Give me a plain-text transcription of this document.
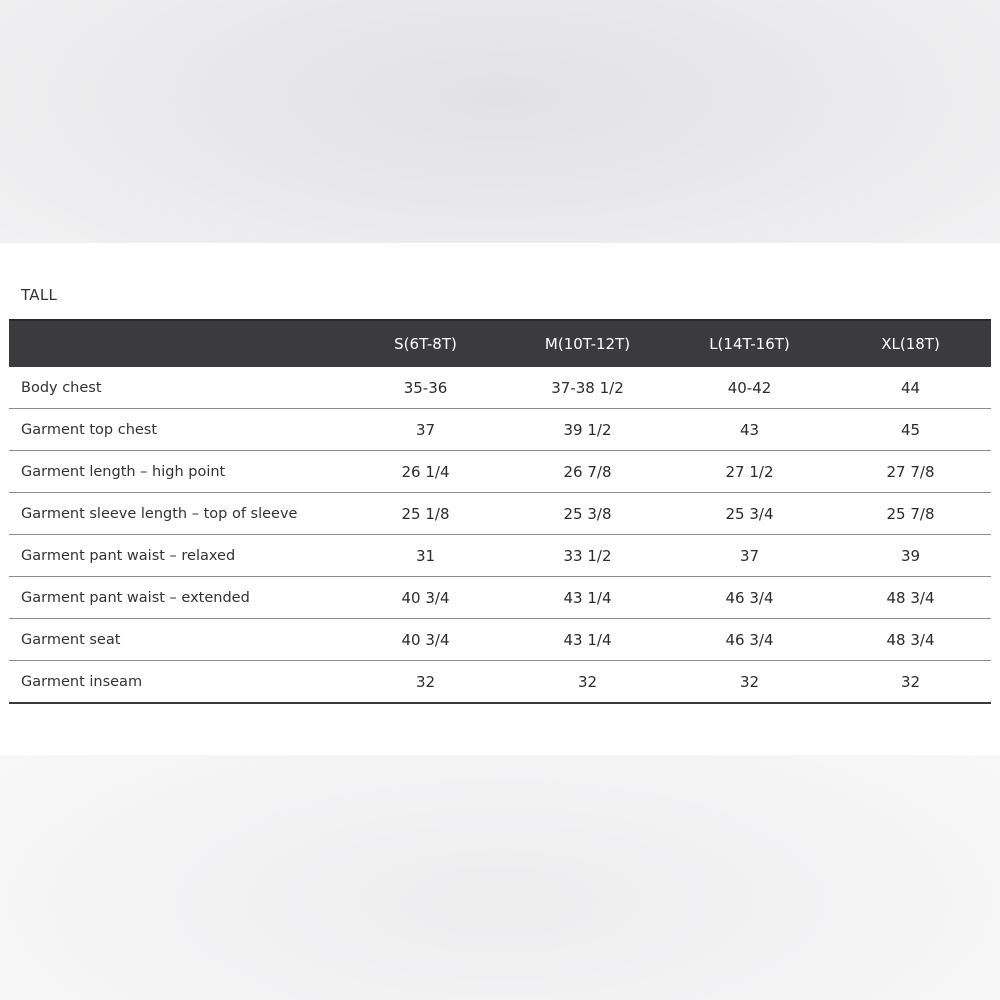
TALL
	S(6T-8T)	M(10T-12T)	L(14T-16T)	XL(18T)
Body chest	35-36	37-38 1/2	40-42	44
Garment top chest	37	39 1/2	43	45
Garment length – high point	26 1/4	26 7/8	27 1/2	27 7/8
Garment sleeve length – top of sleeve	25 1/8	25 3/8	25 3/4	25 7/8
Garment pant waist – relaxed	31	33 1/2	37	39
Garment pant waist – extended	40 3/4	43 1/4	46 3/4	48 3/4
Garment seat	40 3/4	43 1/4	46 3/4	48 3/4
Garment inseam	32	32	32	32
